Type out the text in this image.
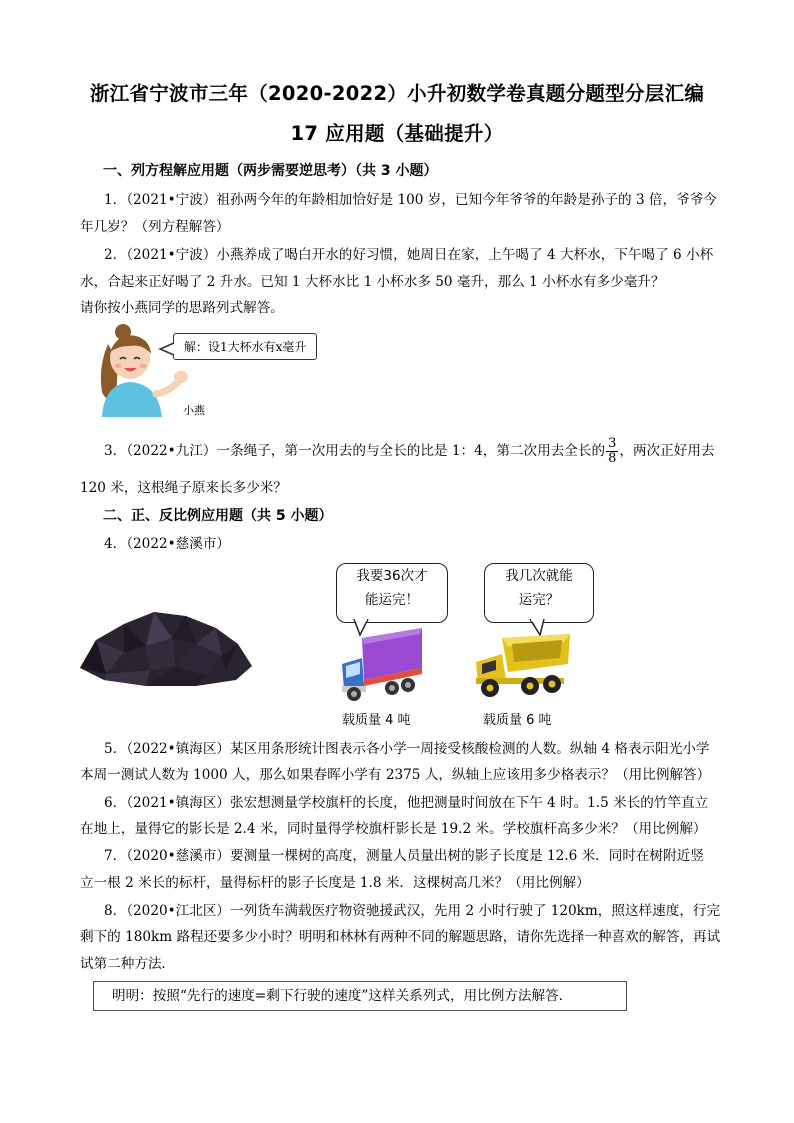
浙江省宁波市三年（2020-2022）小升初数学卷真题分题型分层汇编
17 应用题（基础提升）
一、列方程解应用题（两步需要逆思考）（共 3 小题）
1．（2021•宁波）祖孙两今年的年龄相加恰好是 100 岁，已知今年爷爷的年龄是孙子的 3 倍，爷爷今
年几岁？（列方程解答）
2．（2021•宁波）小燕养成了喝白开水的好习惯，她周日在家，上午喝了 4 大杯水，下午喝了 6 小杯
水，合起来正好喝了 2 升水。已知 1 大杯水比 1 小杯水多 50 毫升，那么 1 小杯水有多少毫升？
请你按小燕同学的思路列式解答。
解：设1大杯水有x毫升
小燕
3．（2022•九江）一条绳子，第一次用去的与全长的比是 1：4，第二次用去全长的 $\frac{3}{8}$ ，两次正好用去
120 米，这根绳子原来长多少米？
二、正、反比例应用题（共 5 小题）
4．（2022•慈溪市）
我要36次才
能运完！
我几次就能
运完？
载质量 4 吨	载质量 6 吨
5．（2022•镇海区）某区用条形统计图表示各小学一周接受核酸检测的人数。纵轴 4 格表示阳光小学
本周一测试人数为 1000 人，那么如果春晖小学有 2375 人，纵轴上应该用多少格表示？（用比例解答）
6．（2021•镇海区）张宏想测量学校旗杆的长度，他把测量时间放在下午 4 时。1.5 米长的竹竿直立
在地上，量得它的影长是 2.4 米，同时量得学校旗杆影长是 19.2 米。学校旗杆高多少米？（用比例解）
7．（2020•慈溪市）要测量一棵树的高度，测量人员量出树的影子长度是 12.6 米．同时在树附近竖
立一根 2 米长的标杆，量得标杆的影子长度是 1.8 米．这棵树高几米？（用比例解）
8．（2020•江北区）一列货车满载医疗物资驰援武汉，先用 2 小时行驶了 120km，照这样速度，行完
剩下的 180km 路程还要多少小时？明明和林林有两种不同的解题思路，请你先选择一种喜欢的解答，再试
试第二种方法．
明明：按照“先行的速度=剩下行驶的速度”这样关系列式，用比例方法解答．
